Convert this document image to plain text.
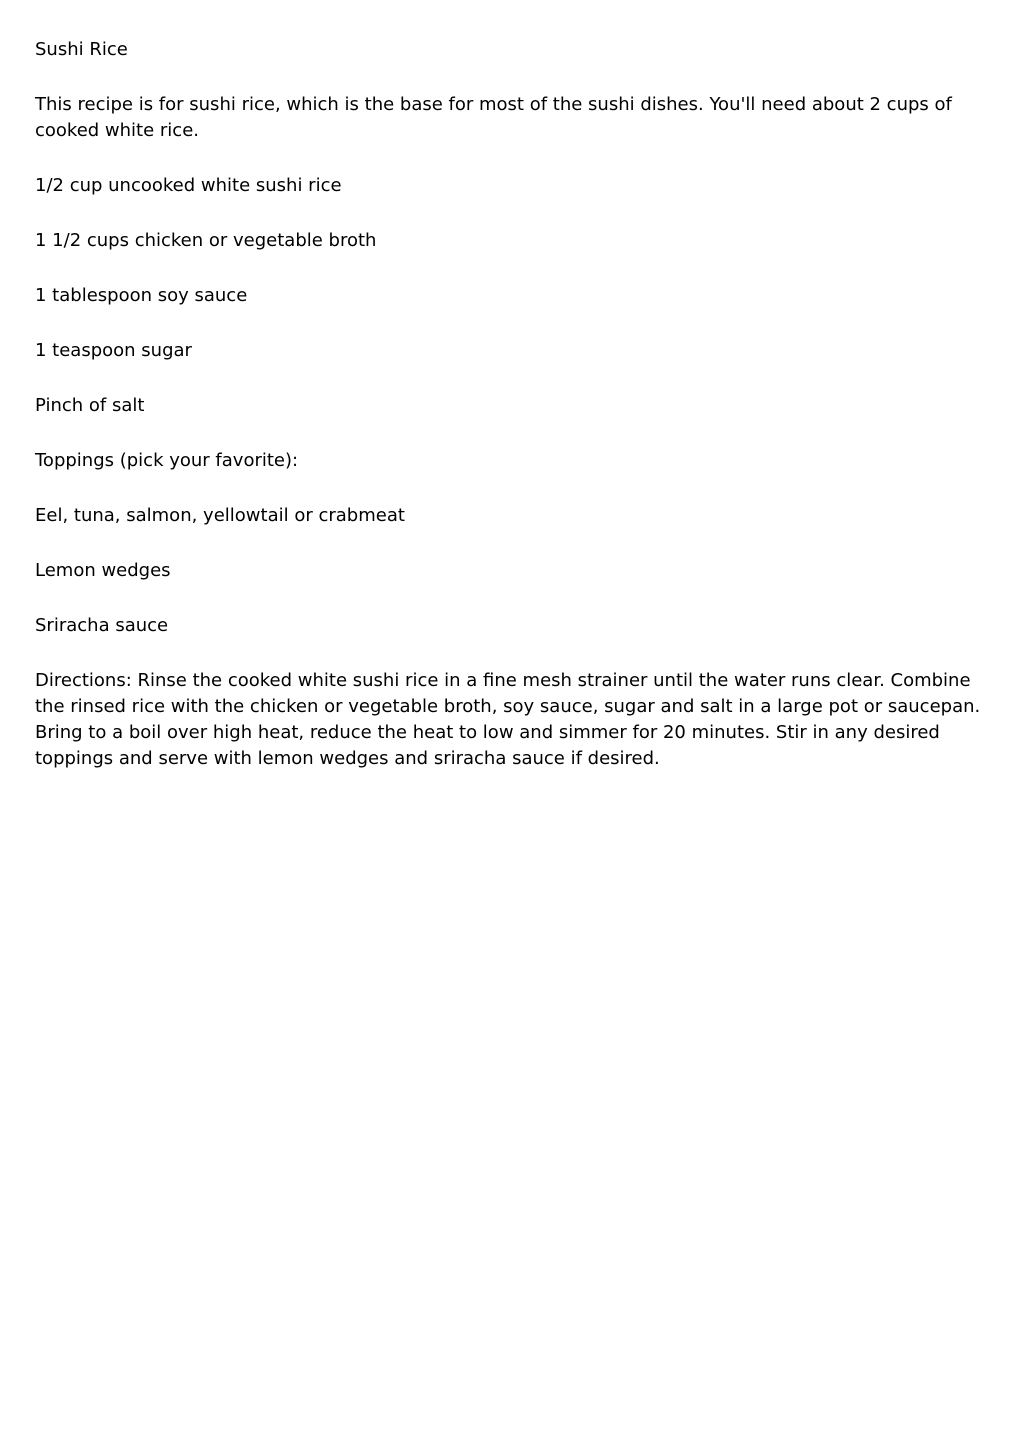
Sushi Rice

This recipe is for sushi rice, which is the base for most of the sushi dishes. You'll need about 2 cups of cooked white rice.

1/2 cup uncooked white sushi rice
1 1/2 cups chicken or vegetable broth
1 tablespoon soy sauce
1 teaspoon sugar
Pinch of salt

Toppings (pick your favorite):

Eel, tuna, salmon, yellowtail or crabmeat
Lemon wedges
Sriracha sauce

Directions: Rinse the cooked white sushi rice in a fine mesh strainer until the water runs clear. Combine the rinsed rice with the chicken or vegetable broth, soy sauce, sugar and salt in a large pot or saucepan. Bring to a boil over high heat, reduce the heat to low and simmer for 20 minutes. Stir in any desired toppings and serve with lemon wedges and sriracha sauce if desired.
